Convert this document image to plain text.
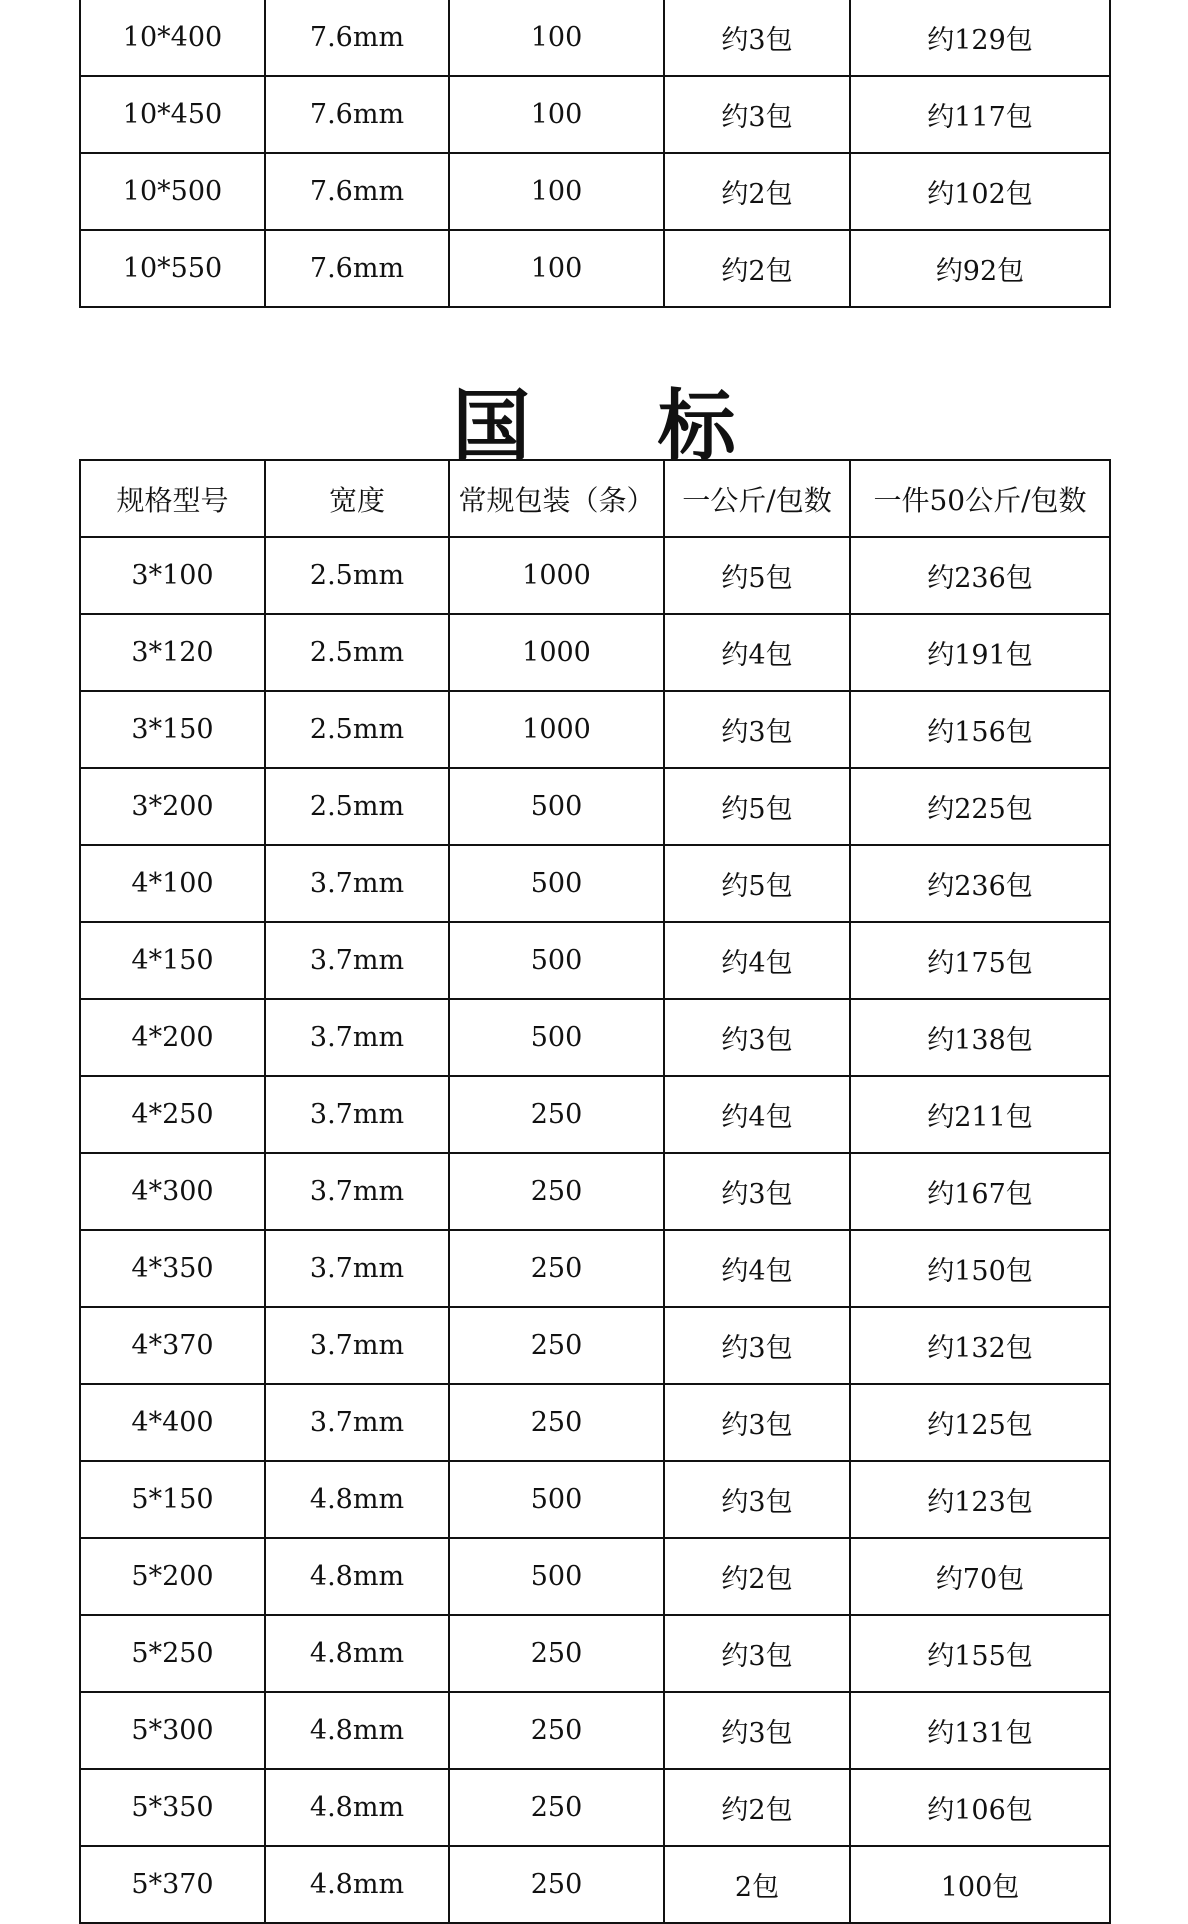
10*400	7.6mm	100	约3包	约129包
10*450	7.6mm	100	约3包	约117包
10*500	7.6mm	100	约2包	约102包
10*550	7.6mm	100	约2包	约92包
国 标
规格型号	宽度	常规包装（条）	一公斤/包数	一件50公斤/包数
3*100	2.5mm	1000	约5包	约236包
3*120	2.5mm	1000	约4包	约191包
3*150	2.5mm	1000	约3包	约156包
3*200	2.5mm	500	约5包	约225包
4*100	3.7mm	500	约5包	约236包
4*150	3.7mm	500	约4包	约175包
4*200	3.7mm	500	约3包	约138包
4*250	3.7mm	250	约4包	约211包
4*300	3.7mm	250	约3包	约167包
4*350	3.7mm	250	约4包	约150包
4*370	3.7mm	250	约3包	约132包
4*400	3.7mm	250	约3包	约125包
5*150	4.8mm	500	约3包	约123包
5*200	4.8mm	500	约2包	约70包
5*250	4.8mm	250	约3包	约155包
5*300	4.8mm	250	约3包	约131包
5*350	4.8mm	250	约2包	约106包
5*370	4.8mm	250	2包	100包
